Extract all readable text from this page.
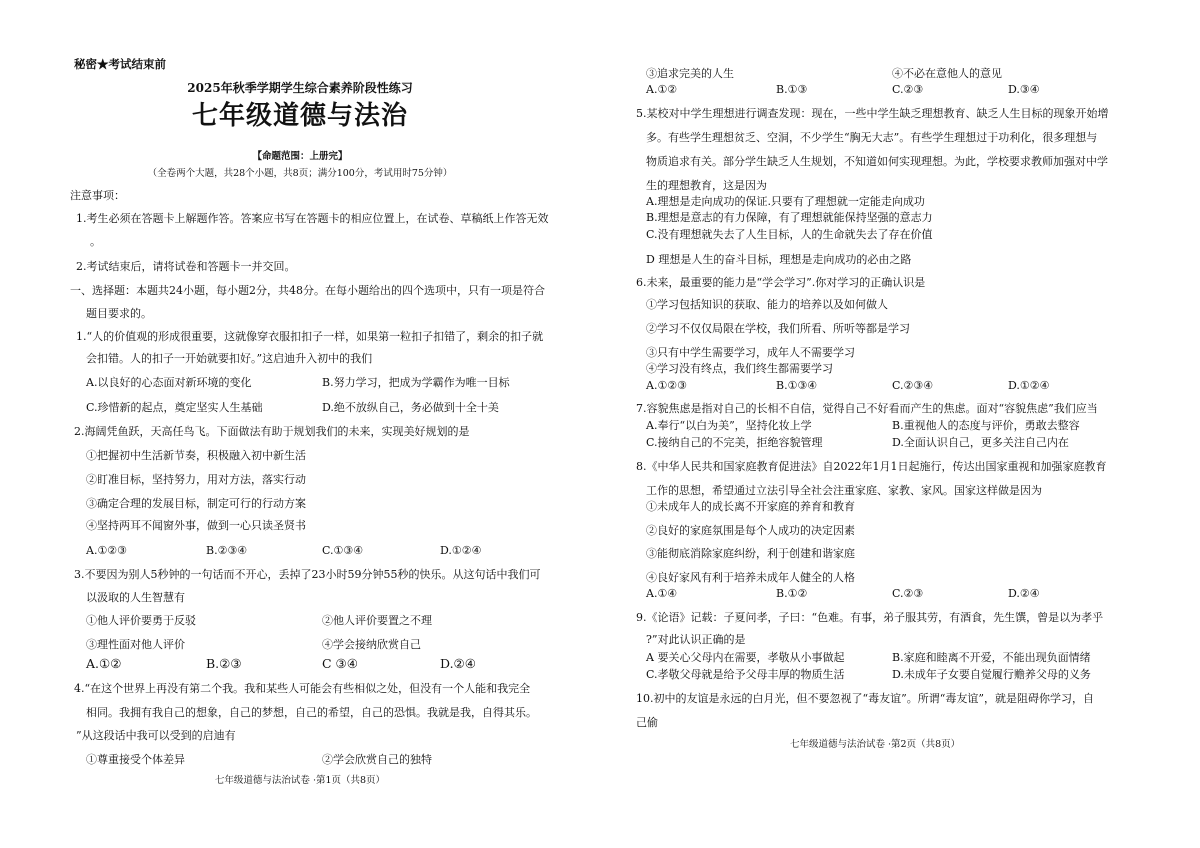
秘密★考试结束前
2025年秋季学期学生综合素养阶段性练习
七年级道德与法治
【命题范围：上册完】
（全卷两个大题，共28个小题，共8页；满分100分，考试用时75分钟）
注意事项：
1.考生必须在答题卡上解题作答。答案应书写在答题卡的相应位置上，在试卷、草稿纸上作答无效
。
2.考试结束后，请将试卷和答题卡一并交回。
一、选择题：本题共24小题，每小题2分，共48分。在每小题给出的四个选项中，只有一项是符合
题目要求的。
1.“人的价值观的形成很重要，这就像穿衣服扣扣子一样，如果第一粒扣子扣错了，剩余的扣子就
会扣错。人的扣子一开始就要扣好。”这启迪升入初中的我们
A.以良好的心态面对新环境的变化	B.努力学习，把成为学霸作为唯一目标
C.珍惜新的起点，奠定坚实人生基础	D.绝不放纵自己，务必做到十全十美
2.海阔凭鱼跃，天高任鸟飞。下面做法有助于规划我们的未来，实现美好规划的是
①把握初中生活新节奏，积极融入初中新生活
②盯准目标，坚持努力，用对方法，落实行动
③确定合理的发展目标，制定可行的行动方案
④坚持两耳不闻窗外事，做到一心只读圣贤书
A.①②③	B.②③④	C.①③④	D.①②④
3.不要因为别人5秒钟的一句话而不开心，丢掉了23小时59分钟55秒的快乐。从这句话中我们可
以汲取的人生智慧有
①他人评价要勇于反驳	②他人评价要置之不理
③理性面对他人评价	④学会接纳欣赏自己
A.①②	B.②③	C ③④	D.②④
4.“在这个世界上再没有第二个我。我和某些人可能会有些相似之处，但没有一个人能和我完全
相同。我拥有我自己的想象，自己的梦想，自己的希望，自己的恐惧。我就是我，自得其乐。
”从这段话中我可以受到的启迪有
①尊重接受个体差异	②学会欣赏自己的独特
七年级道德与法治试卷 ·第1页（共8页）
③追求完美的人生	④不必在意他人的意见
A.①②	B.①③	C.②③	D.③④
5.某校对中学生理想进行调查发现：现在，一些中学生缺乏理想教育、缺乏人生目标的现象开始增
多。有些学生理想贫乏、空洞，不少学生“胸无大志”。有些学生理想过于功利化，很多理想与
物质追求有关。部分学生缺乏人生规划，不知道如何实现理想。为此，学校要求教师加强对中学
生的理想教育，这是因为
A.理想是走向成功的保证.只要有了理想就一定能走向成功
B.理想是意志的有力保障，有了理想就能保持坚强的意志力
C.没有理想就失去了人生目标，人的生命就失去了存在价值
D 理想是人生的奋斗目标，理想是走向成功的必由之路
6.未来，最重要的能力是“学会学习”.你对学习的正确认识是
①学习包括知识的获取、能力的培养以及如何做人
②学习不仅仅局限在学校，我们所看、所听等都是学习
③只有中学生需要学习，成年人不需要学习
④学习没有终点，我们终生都需要学习
A.①②③	B.①③④	C.②③④	D.①②④
7.容貌焦虑是指对自己的长相不自信，觉得自己不好看而产生的焦虑。面对“容貌焦虑”我们应当
A.奉行“以白为美”，坚持化妆上学	B.重视他人的态度与评价，勇敢去整容
C.接纳自己的不完美，拒绝容貌管理	D.全面认识自己，更多关注自己内在
8.《中华人民共和国家庭教育促进法》自2022年1月1日起施行，传达出国家重视和加强家庭教育
工作的思想，希望通过立法引导全社会注重家庭、家教、家风。国家这样做是因为
①未成年人的成长离不开家庭的养育和教育
②良好的家庭氛围是每个人成功的决定因素
③能彻底消除家庭纠纷，利于创建和谐家庭
④良好家风有利于培养未成年人健全的人格
A.①④	B.①②	C.②③	D.②④
9.《论语》记载：子夏问孝，子曰：“色难。有事，弟子服其劳，有酒食，先生馔，曾是以为孝乎
?”对此认识正确的是
A 要关心父母内在需要，孝敬从小事做起	B.家庭和睦离不开爱，不能出现负面情绪
C.孝敬父母就是给予父母丰厚的物质生活	D.未成年子女要自觉履行赡养父母的义务
10.初中的友谊是永远的白月光，但不要忽视了“毒友谊”。所谓“毒友谊”，就是阻碍你学习，自
己偷
七年级道德与法治试卷 ·第2页（共8页）
